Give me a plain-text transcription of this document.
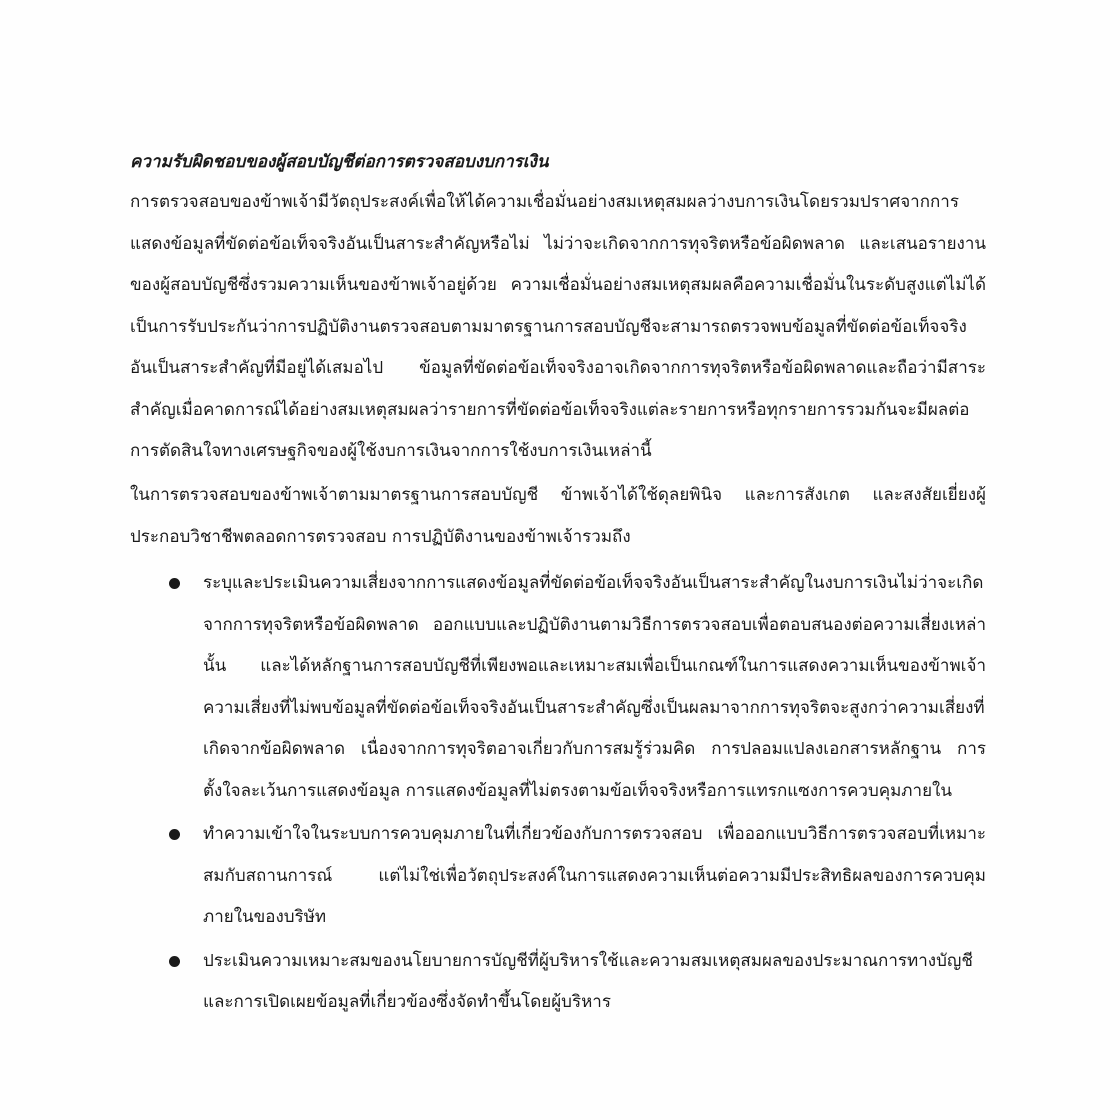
ความรับผิดชอบของผู้สอบบัญชีต่อการตรวจสอบงบการเงิน

การตรวจสอบของข้าพเจ้ามีวัตถุประสงค์เพื่อให้ได้ความเชื่อมั่นอย่างสมเหตุสมผลว่างบการเงินโดยรวมปราศจากการแสดงข้อมูลที่ขัดต่อข้อเท็จจริงอันเป็นสาระสำคัญหรือไม่ ไม่ว่าจะเกิดจากการทุจริตหรือข้อผิดพลาด และเสนอรายงานของผู้สอบบัญชีซึ่งรวมความเห็นของข้าพเจ้าอยู่ด้วย ความเชื่อมั่นอย่างสมเหตุสมผลคือความเชื่อมั่นในระดับสูงแต่ไม่ได้เป็นการรับประกันว่าการปฏิบัติงานตรวจสอบตามมาตรฐานการสอบบัญชีจะสามารถตรวจพบข้อมูลที่ขัดต่อข้อเท็จจริงอันเป็นสาระสำคัญที่มีอยู่ได้เสมอไป ข้อมูลที่ขัดต่อข้อเท็จจริงอาจเกิดจากการทุจริตหรือข้อผิดพลาดและถือว่ามีสาระสำคัญเมื่อคาดการณ์ได้อย่างสมเหตุสมผลว่ารายการที่ขัดต่อข้อเท็จจริงแต่ละรายการหรือทุกรายการรวมกันจะมีผลต่อการตัดสินใจทางเศรษฐกิจของผู้ใช้งบการเงินจากการใช้งบการเงินเหล่านี้

ในการตรวจสอบของข้าพเจ้าตามมาตรฐานการสอบบัญชี ข้าพเจ้าได้ใช้ดุลยพินิจ และการสังเกต และสงสัยเยี่ยงผู้ประกอบวิชาชีพตลอดการตรวจสอบ การปฏิบัติงานของข้าพเจ้ารวมถึง

ระบุและประเมินความเสี่ยงจากการแสดงข้อมูลที่ขัดต่อข้อเท็จจริงอันเป็นสาระสำคัญในงบการเงินไม่ว่าจะเกิดจากการทุจริตหรือข้อผิดพลาด ออกแบบและปฏิบัติงานตามวิธีการตรวจสอบเพื่อตอบสนองต่อความเสี่ยงเหล่านั้น และได้หลักฐานการสอบบัญชีที่เพียงพอและเหมาะสมเพื่อเป็นเกณฑ์ในการแสดงความเห็นของข้าพเจ้า ความเสี่ยงที่ไม่พบข้อมูลที่ขัดต่อข้อเท็จจริงอันเป็นสาระสำคัญซึ่งเป็นผลมาจากการทุจริตจะสูงกว่าความเสี่ยงที่เกิดจากข้อผิดพลาด เนื่องจากการทุจริตอาจเกี่ยวกับการสมรู้ร่วมคิด การปลอมแปลงเอกสารหลักฐาน การตั้งใจละเว้นการแสดงข้อมูล การแสดงข้อมูลที่ไม่ตรงตามข้อเท็จจริงหรือการแทรกแซงการควบคุมภายใน
ทำความเข้าใจในระบบการควบคุมภายในที่เกี่ยวข้องกับการตรวจสอบ เพื่อออกแบบวิธีการตรวจสอบที่เหมาะสมกับสถานการณ์ แต่ไม่ใช่เพื่อวัตถุประสงค์ในการแสดงความเห็นต่อความมีประสิทธิผลของการควบคุมภายในของบริษัท
ประเมินความเหมาะสมของนโยบายการบัญชีที่ผู้บริหารใช้และความสมเหตุสมผลของประมาณการทางบัญชีและการเปิดเผยข้อมูลที่เกี่ยวข้องซึ่งจัดทำขึ้นโดยผู้บริหาร
